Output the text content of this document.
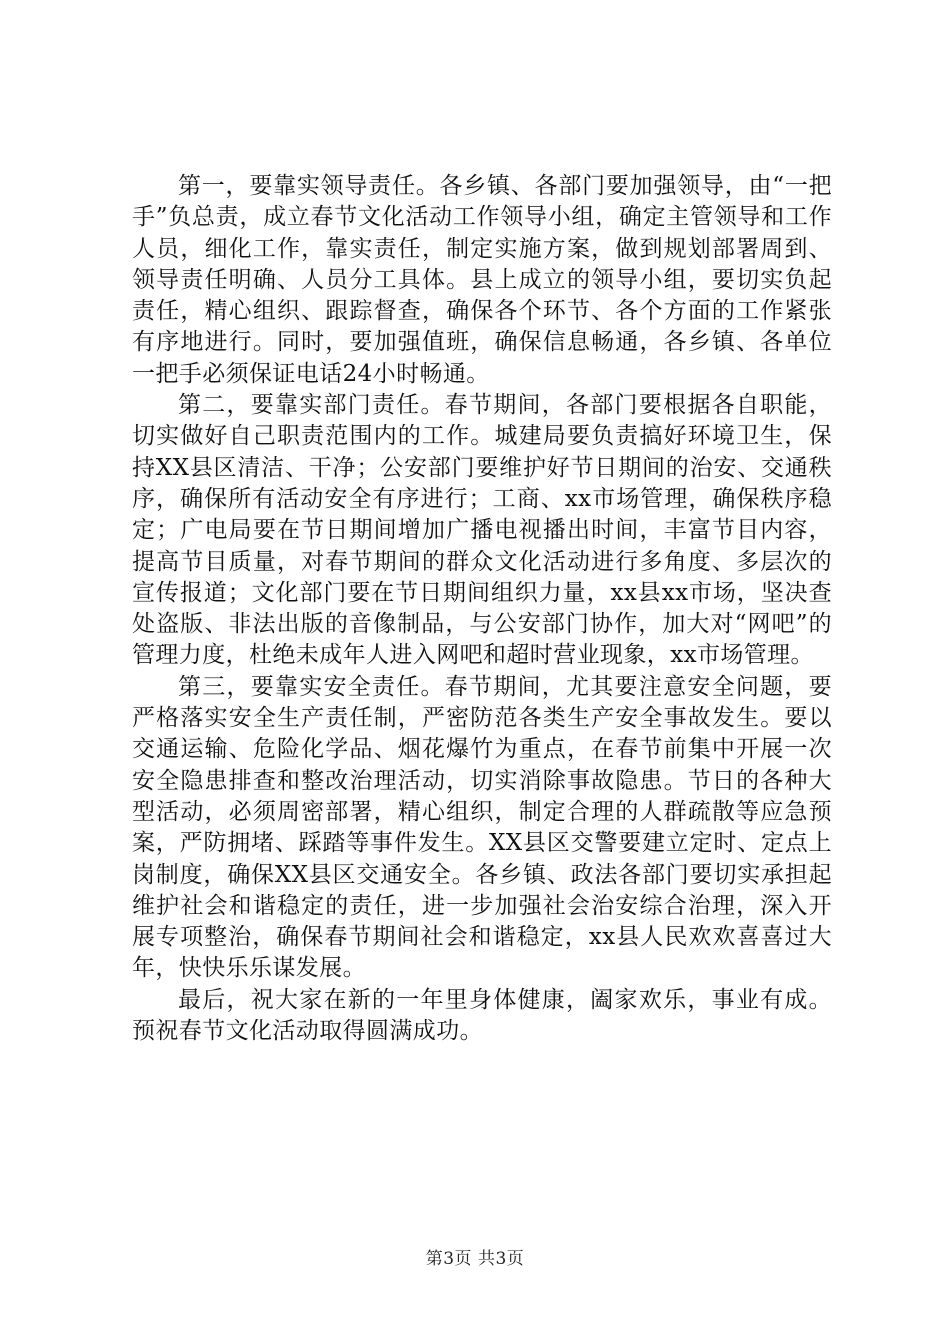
第一，要靠实领导责任。各乡镇、各部门要加强领导，由“一把手”负总责，成立春节文化活动工作领导小组，确定主管领导和工作人员，细化工作，靠实责任，制定实施方案，做到规划部署周到、领导责任明确、人员分工具体。县上成立的领导小组，要切实负起责任，精心组织、跟踪督查，确保各个环节、各个方面的工作紧张有序地进行。同时，要加强值班，确保信息畅通，各乡镇、各单位一把手必须保证电话24小时畅通。

第二，要靠实部门责任。春节期间，各部门要根据各自职能，切实做好自己职责范围内的工作。城建局要负责搞好环境卫生，保持XX县区清洁、干净；公安部门要维护好节日期间的治安、交通秩序，确保所有活动安全有序进行；工商、xx市场管理，确保秩序稳定；广电局要在节日期间增加广播电视播出时间，丰富节目内容，提高节目质量，对春节期间的群众文化活动进行多角度、多层次的宣传报道；文化部门要在节日期间组织力量，xx县xx市场，坚决查处盗版、非法出版的音像制品，与公安部门协作，加大对“网吧”的管理力度，杜绝未成年人进入网吧和超时营业现象，xx市场管理。

第三，要靠实安全责任。春节期间，尤其要注意安全问题，要严格落实安全生产责任制，严密防范各类生产安全事故发生。要以交通运输、危险化学品、烟花爆竹为重点，在春节前集中开展一次安全隐患排查和整改治理活动，切实消除事故隐患。节日的各种大型活动，必须周密部署，精心组织，制定合理的人群疏散等应急预案，严防拥堵、踩踏等事件发生。XX县区交警要建立定时、定点上岗制度，确保XX县区交通安全。各乡镇、政法各部门要切实承担起维护社会和谐稳定的责任，进一步加强社会治安综合治理，深入开展专项整治，确保春节期间社会和谐稳定，xx县人民欢欢喜喜过大年，快快乐乐谋发展。

最后，祝大家在新的一年里身体健康，阖家欢乐，事业有成。预祝春节文化活动取得圆满成功。

第3页 共3页
